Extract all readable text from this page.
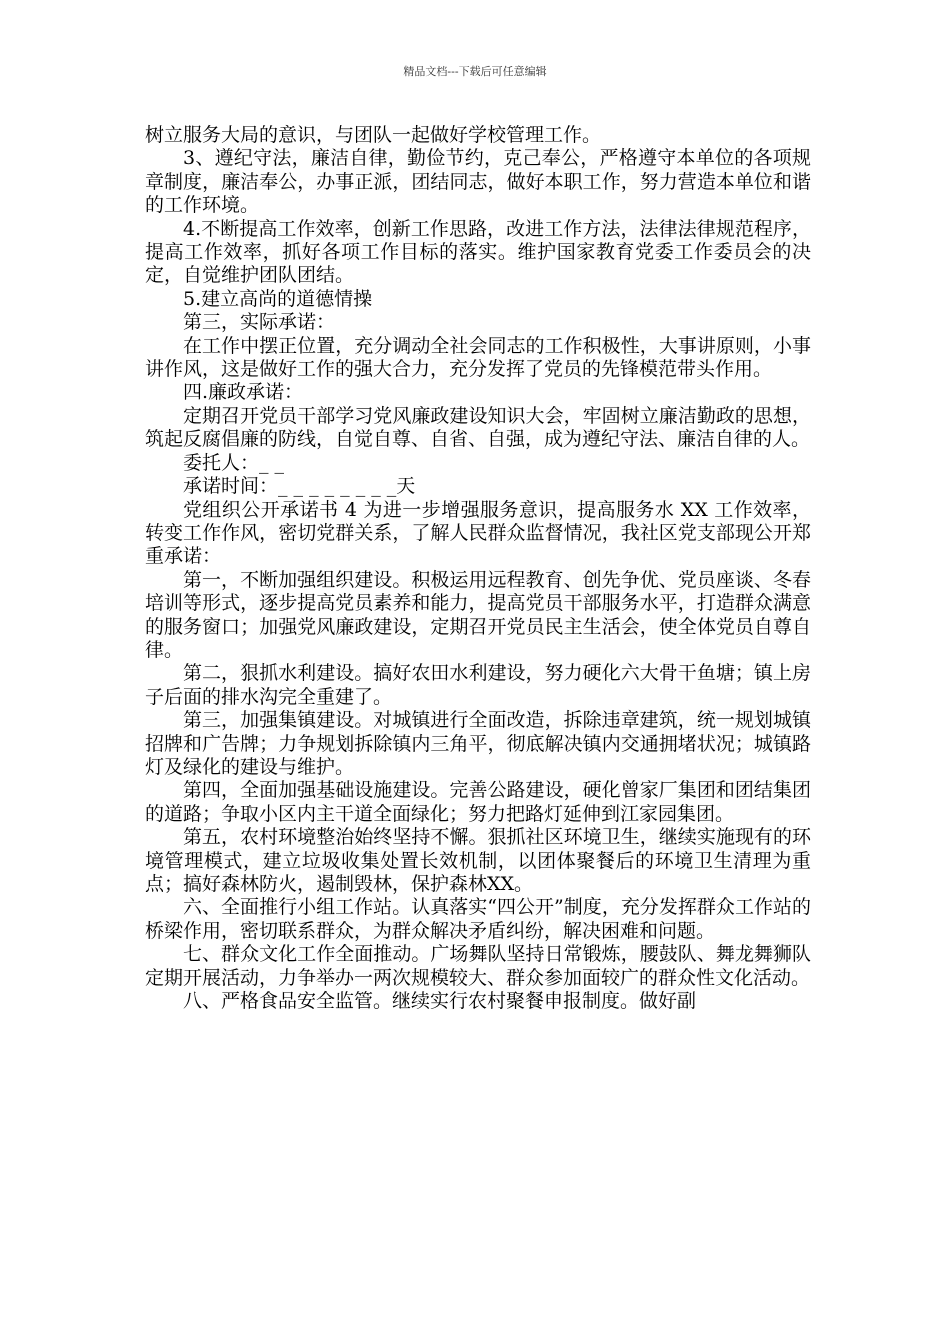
精品文档---下载后可任意编辑

树立服务大局的意识，与团队一起做好学校管理工作。

3、遵纪守法，廉洁自律，勤俭节约，克己奉公，严格遵守本单位的各项规章制度，廉洁奉公，办事正派，团结同志，做好本职工作，努力营造本单位和谐的工作环境。

4.不断提高工作效率，创新工作思路，改进工作方法，法律法律规范程序，提高工作效率，抓好各项工作目标的落实。维护国家教育党委工作委员会的决定，自觉维护团队团结。

5.建立高尚的道德情操

第三，实际承诺：

在工作中摆正位置，充分调动全社会同志的工作积极性，大事讲原则，小事讲作风，这是做好工作的强大合力，充分发挥了党员的先锋模范带头作用。

四.廉政承诺：

定期召开党员干部学习党风廉政建设知识大会，牢固树立廉洁勤政的思想，筑起反腐倡廉的防线，自觉自尊、自省、自强，成为遵纪守法、廉洁自律的人。

委托人：_ _

承诺时间：_ _ _ _ _ _ _ _天

党组织公开承诺书 4 为进一步增强服务意识，提高服务水 XX 工作效率，转变工作作风，密切党群关系，了解人民群众监督情况，我社区党支部现公开郑重承诺：

第一，不断加强组织建设。积极运用远程教育、创先争优、党员座谈、冬春培训等形式，逐步提高党员素养和能力，提高党员干部服务水平，打造群众满意的服务窗口；加强党风廉政建设，定期召开党员民主生活会，使全体党员自尊自律。

第二，狠抓水利建设。搞好农田水利建设，努力硬化六大骨干鱼塘；镇上房子后面的排水沟完全重建了。

第三，加强集镇建设。对城镇进行全面改造，拆除违章建筑，统一规划城镇招牌和广告牌；力争规划拆除镇内三角平，彻底解决镇内交通拥堵状况；城镇路灯及绿化的建设与维护。

第四，全面加强基础设施建设。完善公路建设，硬化曾家厂集团和团结集团的道路；争取小区内主干道全面绿化；努力把路灯延伸到江家园集团。

第五，农村环境整治始终坚持不懈。狠抓社区环境卫生，继续实施现有的环境管理模式，建立垃圾收集处置长效机制，以团体聚餐后的环境卫生清理为重点；搞好森林防火，遏制毁林，保护森林XX。

六、全面推行小组工作站。认真落实“四公开”制度，充分发挥群众工作站的桥梁作用，密切联系群众，为群众解决矛盾纠纷，解决困难和问题。

七、群众文化工作全面推动。广场舞队坚持日常锻炼，腰鼓队、舞龙舞狮队定期开展活动，力争举办一两次规模较大、群众参加面较广的群众性文化活动。

八、严格食品安全监管。继续实行农村聚餐申报制度。做好副
